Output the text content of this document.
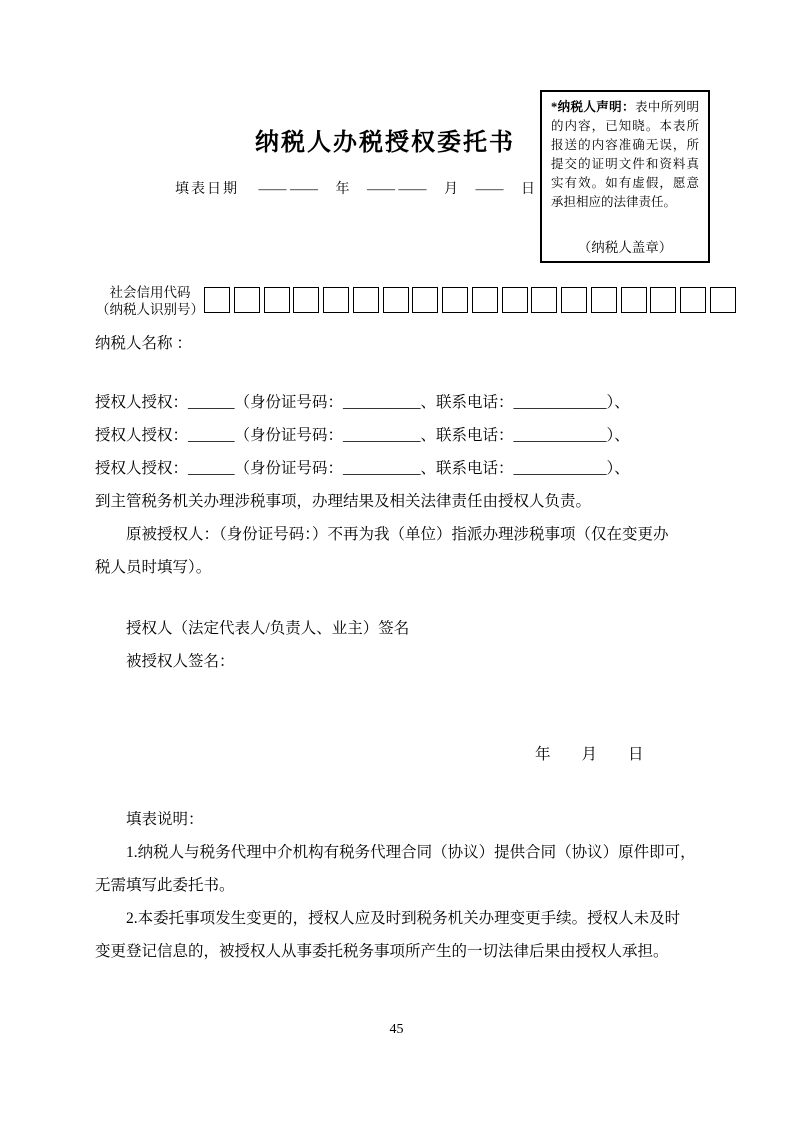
纳税人办税授权委托书
填表日期 —— —— 年 —— —— 月 —— 日

*纳税人声明：表中所列明的内容，已知晓。本表所报送的内容准确无误，所提交的证明文件和资料真实有效。如有虚假，愿意承担相应的法律责任。

（纳税人盖章）

社会信用代码
（纳税人识别号）
纳税人名称 ：

授权人授权：______（身份证号码：__________、联系电话：____________）、

授权人授权：______（身份证号码：__________、联系电话：____________）、

授权人授权：______（身份证号码：__________、联系电话：____________）、

到主管税务机关办理涉税事项，办理结果及相关法律责任由授权人负责。

原被授权人：（身份证号码：）不再为我（单位）指派办理涉税事项（仅在变更办

税人员时填写）。

授权人（法定代表人/负责人、业主）签名

被授权人签名：

年　　月　　日

填表说明：

1.纳税人与税务代理中介机构有税务代理合同（协议）提供合同（协议）原件即可，

无需填写此委托书。

2.本委托事项发生变更的，授权人应及时到税务机关办理变更手续。授权人未及时

变更登记信息的，被授权人从事委托税务事项所产生的一切法律后果由授权人承担。

45
